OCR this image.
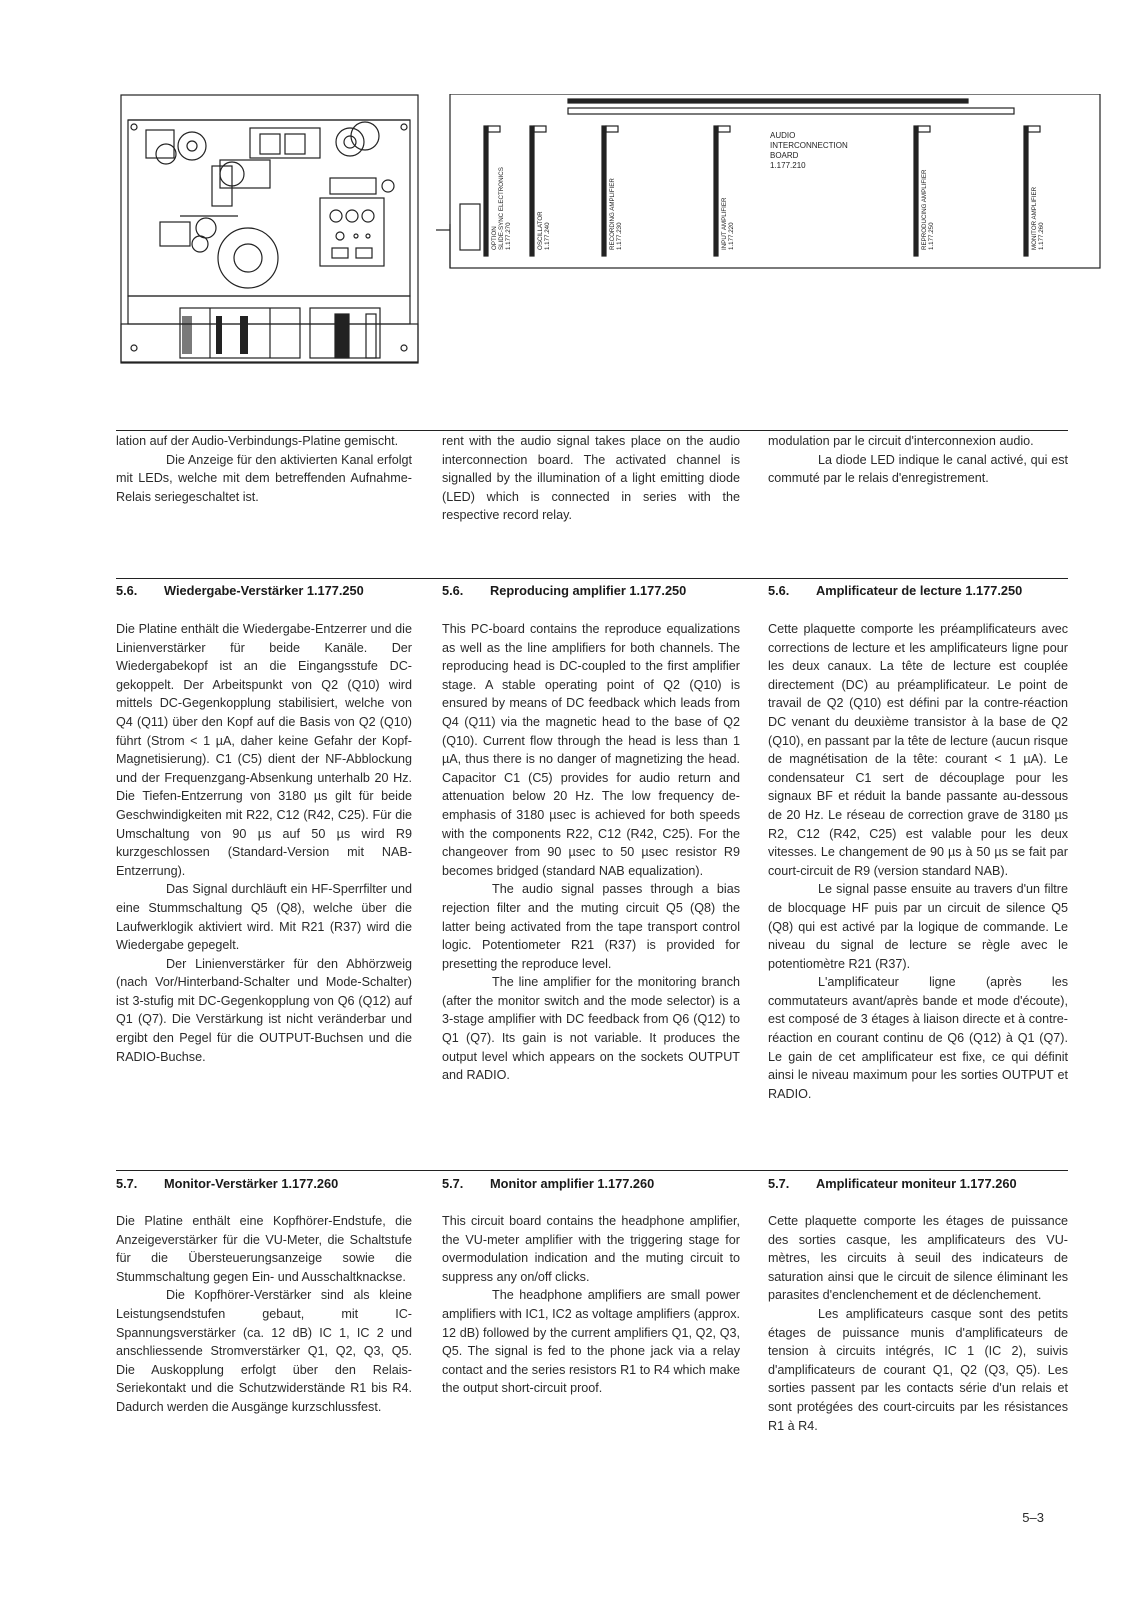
AUDIO
INTERCONNECTION
BOARD
1.177.210
OPTION SLIDE-SYNC ELECTRONICS 1.177.270	OSCILLATOR 1.177.240	RECORDING AMPLIFIER 1.177.230	INPUT AMPLIFIER 1.177.220	REPRODUCING AMPLIFIER 1.177.250	MONITOR AMPLIFIER 1.177.260

lation auf der Audio-Verbindungs-Platine gemischt.

Die Anzeige für den aktivierten Kanal erfolgt mit LEDs, welche mit dem betreffenden Aufnahme-Relais seriegeschaltet ist.

rent with the audio signal takes place on the audio interconnection board. The activated channel is signalled by the illumination of a light emitting diode (LED) which is connected in series with the respective record relay.

modulation par le circuit d'interconnexion audio.

La diode LED indique le canal activé, qui est commuté par le relais d'enregistrement.

5.6. Wiedergabe-Verstärker 1.177.250	5.6. Reproducing amplifier 1.177.250	5.6. Amplificateur de lecture 1.177.250

Die Platine enthält die Wiedergabe-Entzerrer und die Linienverstärker für beide Kanäle. Der Wiedergabekopf ist an die Eingangsstufe DC-gekoppelt. Der Arbeitspunkt von Q2 (Q10) wird mittels DC-Gegenkopplung stabilisiert, welche von Q4 (Q11) über den Kopf auf die Basis von Q2 (Q10) führt (Strom < 1 µA, daher keine Gefahr der Kopf-Magnetisierung). C1 (C5) dient der NF-Abblockung und der Frequenzgang-Absenkung unterhalb 20 Hz. Die Tiefen-Entzerrung von 3180 µs gilt für beide Geschwindigkeiten mit R22, C12 (R42, C25). Für die Umschaltung von 90 µs auf 50 µs wird R9 kurzgeschlossen (Standard-Version mit NAB-Entzerrung).

Das Signal durchläuft ein HF-Sperrfilter und eine Stummschaltung Q5 (Q8), welche über die Laufwerklogik aktiviert wird. Mit R21 (R37) wird die Wiedergabe gepegelt.

Der Linienverstärker für den Abhörzweig (nach Vor/Hinterband-Schalter und Mode-Schalter) ist 3-stufig mit DC-Gegenkopplung von Q6 (Q12) auf Q1 (Q7). Die Verstärkung ist nicht veränderbar und ergibt den Pegel für die OUTPUT-Buchsen und die RADIO-Buchse.

This PC-board contains the reproduce equalizations as well as the line amplifiers for both channels. The reproducing head is DC-coupled to the first amplifier stage. A stable operating point of Q2 (Q10) is ensured by means of DC feedback which leads from Q4 (Q11) via the magnetic head to the base of Q2 (Q10). Current flow through the head is less than 1 µA, thus there is no danger of magnetizing the head. Capacitor C1 (C5) provides for audio return and attenuation below 20 Hz. The low frequency de-emphasis of 3180 µsec is achieved for both speeds with the components R22, C12 (R42, C25). For the changeover from 90 µsec to 50 µsec resistor R9 becomes bridged (standard NAB equalization).

The audio signal passes through a bias rejection filter and the muting circuit Q5 (Q8) the latter being activated from the tape transport control logic. Potentiometer R21 (R37) is provided for presetting the reproduce level.

The line amplifier for the monitoring branch (after the monitor switch and the mode selector) is a 3-stage amplifier with DC feedback from Q6 (Q12) to Q1 (Q7). Its gain is not variable. It produces the output level which appears on the sockets OUTPUT and RADIO.

Cette plaquette comporte les préamplificateurs avec corrections de lecture et les amplificateurs ligne pour les deux canaux. La tête de lecture est couplée directement (DC) au préamplificateur. Le point de travail de Q2 (Q10) est défini par la contre-réaction DC venant du deuxième transistor à la base de Q2 (Q10), en passant par la tête de lecture (aucun risque de magnétisation de la tête: courant < 1 µA). Le condensateur C1 sert de découplage pour les signaux BF et réduit la bande passante au-dessous de 20 Hz. Le réseau de correction grave de 3180 µs R2, C12 (R42, C25) est valable pour les deux vitesses. Le changement de 90 µs à 50 µs se fait par court-circuit de R9 (version standard NAB).

Le signal passe ensuite au travers d'un filtre de blocquage HF puis par un circuit de silence Q5 (Q8) qui est activé par la logique de commande. Le niveau du signal de lecture se règle avec le potentiomètre R21 (R37).

L'amplificateur ligne (après les commutateurs avant/après bande et mode d'écoute), est composé de 3 étages à liaison directe et à contre-réaction en courant continu de Q6 (Q12) à Q1 (Q7). Le gain de cet amplificateur est fixe, ce qui définit ainsi le niveau maximum pour les sorties OUTPUT et RADIO.

5.7. Monitor-Verstärker 1.177.260	5.7. Monitor amplifier 1.177.260	5.7. Amplificateur moniteur 1.177.260

Die Platine enthält eine Kopfhörer-Endstufe, die Anzeigeverstärker für die VU-Meter, die Schaltstufe für die Übersteuerungsanzeige sowie die Stummschaltung gegen Ein- und Ausschaltknackse.

Die Kopfhörer-Verstärker sind als kleine Leistungsendstufen gebaut, mit IC-Spannungsverstärker (ca. 12 dB) IC 1, IC 2 und anschliessende Stromverstärker Q1, Q2, Q3, Q5. Die Auskopplung erfolgt über den Relais-Seriekontakt und die Schutzwiderstände R1 bis R4. Dadurch werden die Ausgänge kurzschlussfest.

This circuit board contains the headphone amplifier, the VU-meter amplifier with the triggering stage for overmodulation indication and the muting circuit to suppress any on/off clicks.

The headphone amplifiers are small power amplifiers with IC1, IC2 as voltage amplifiers (approx. 12 dB) followed by the current amplifiers Q1, Q2, Q3, Q5. The signal is fed to the phone jack via a relay contact and the series resistors R1 to R4 which make the output short-circuit proof.

Cette plaquette comporte les étages de puissance des sorties casque, les amplificateurs des VU-mètres, les circuits à seuil des indicateurs de saturation ainsi que le circuit de silence éliminant les parasites d'enclenchement et de déclenchement.

Les amplificateurs casque sont des petits étages de puissance munis d'amplificateurs de tension à circuits intégrés, IC 1 (IC 2), suivis d'amplificateurs de courant Q1, Q2 (Q3, Q5). Les sorties passent par les contacts série d'un relais et sont protégées des court-circuits par les résistances R1 à R4.

5–3
